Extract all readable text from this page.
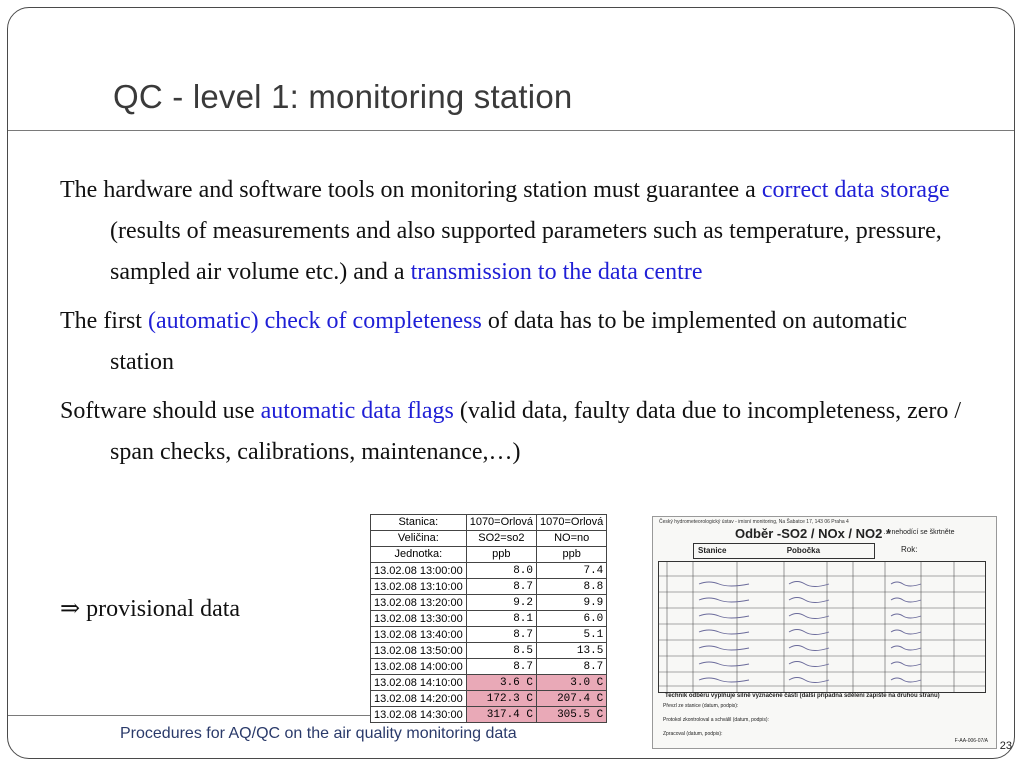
QC - level 1: monitoring station

The hardware and software tools on monitoring station must guarantee a correct data storage (results of measurements and also supported parameters such as temperature, pressure, sampled air volume etc.) and a transmission to the data centre

The first (automatic) check of completeness of data has to be implemented on automatic station

Software should use automatic data flags (valid data, faulty data due to incompleteness, zero / span checks, calibrations, maintenance,…)

⇒ provisional data
Stanica:	1070=Orlová	1070=Orlová
Veličina:	SO2=so2	NO=no
Jednotka:	ppb	ppb
13.02.08 13:00:00	8.0	7.4
13.02.08 13:10:00	8.7	8.8
13.02.08 13:20:00	9.2	9.9
13.02.08 13:30:00	8.1	6.0
13.02.08 13:40:00	8.7	5.1
13.02.08 13:50:00	8.5	13.5
13.02.08 14:00:00	8.7	8.7
13.02.08 14:10:00	3.6 C	3.0 C
13.02.08 14:20:00	172.3 C	207.4 C
13.02.08 14:30:00	317.4 C	305.5 C
Český hydrometeorologický ústav - imisní monitoring, Na Šabatce 17, 143 06 Praha 4
Odběr -SO2 / NOx / NO2 *
* ... nehodící se škrtněte
Stanice	Pobočka	Rok:
Technik odběru vyplňuje silně vyznačené části (další případná sdělení zapište na druhou stranu)
Převzl ze stanice (datum, podpis):
Protokol zkontroloval a schválil (datum, podpis):
Zpracoval (datum, podpis):
F-AA-006-07/A
Procedures for AQ/QC on the air quality monitoring data
23
